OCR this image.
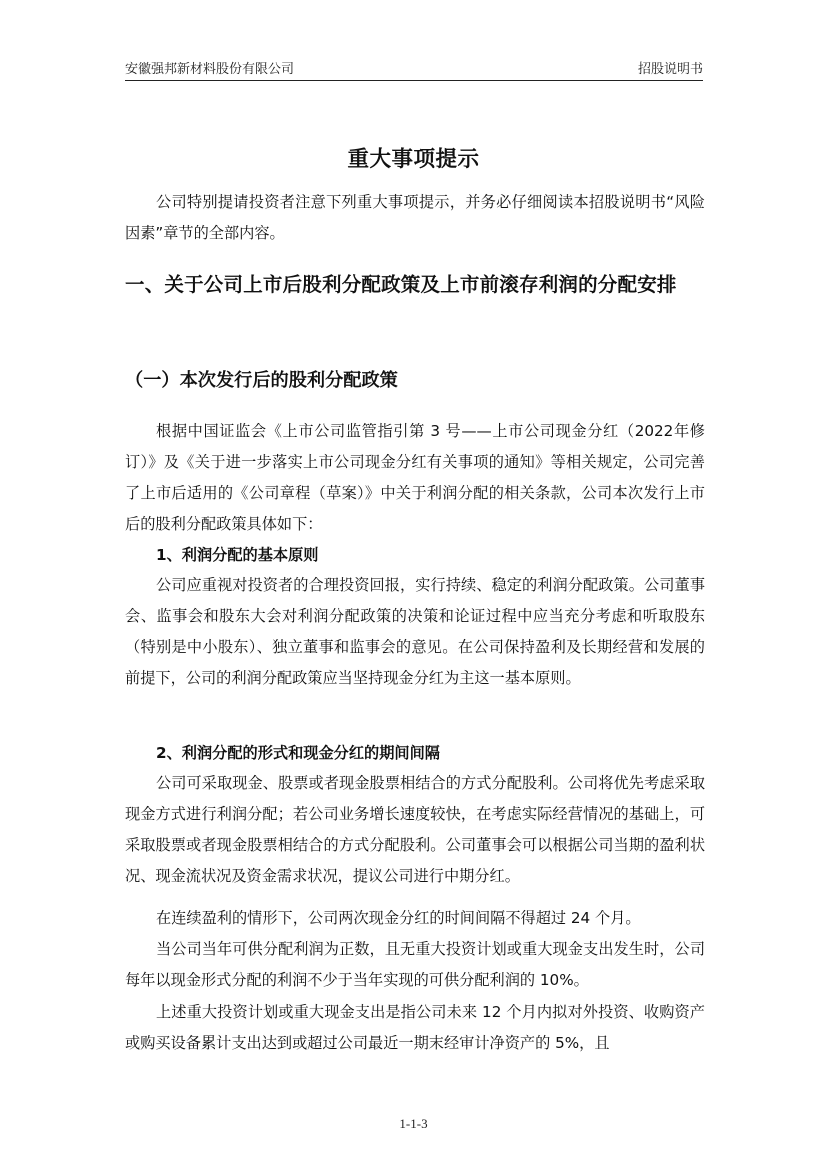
安徽强邦新材料股份有限公司	招股说明书
重大事项提示

公司特别提请投资者注意下列重大事项提示，并务必仔细阅读本招股说明书“风险因素”章节的全部内容。

一、关于公司上市后股利分配政策及上市前滚存利润的分配安排
（一）本次发行后的股利分配政策

根据中国证监会《上市公司监管指引第 3 号——上市公司现金分红（2022年修订）》及《关于进一步落实上市公司现金分红有关事项的通知》等相关规定，公司完善了上市后适用的《公司章程（草案）》中关于利润分配的相关条款，公司本次发行上市后的股利分配政策具体如下：

1、利润分配的基本原则

公司应重视对投资者的合理投资回报，实行持续、稳定的利润分配政策。公司董事会、监事会和股东大会对利润分配政策的决策和论证过程中应当充分考虑和听取股东（特别是中小股东）、独立董事和监事会的意见。在公司保持盈利及长期经营和发展的前提下，公司的利润分配政策应当坚持现金分红为主这一基本原则。

2、利润分配的形式和现金分红的期间间隔

公司可采取现金、股票或者现金股票相结合的方式分配股利。公司将优先考虑采取现金方式进行利润分配；若公司业务增长速度较快，在考虑实际经营情况的基础上，可采取股票或者现金股票相结合的方式分配股利。公司董事会可以根据公司当期的盈利状况、现金流状况及资金需求状况，提议公司进行中期分红。

在连续盈利的情形下，公司两次现金分红的时间间隔不得超过 24 个月。

当公司当年可供分配利润为正数，且无重大投资计划或重大现金支出发生时，公司每年以现金形式分配的利润不少于当年实现的可供分配利润的 10%。

上述重大投资计划或重大现金支出是指公司未来 12 个月内拟对外投资、收购资产或购买设备累计支出达到或超过公司最近一期末经审计净资产的 5%，且

1-1-3
